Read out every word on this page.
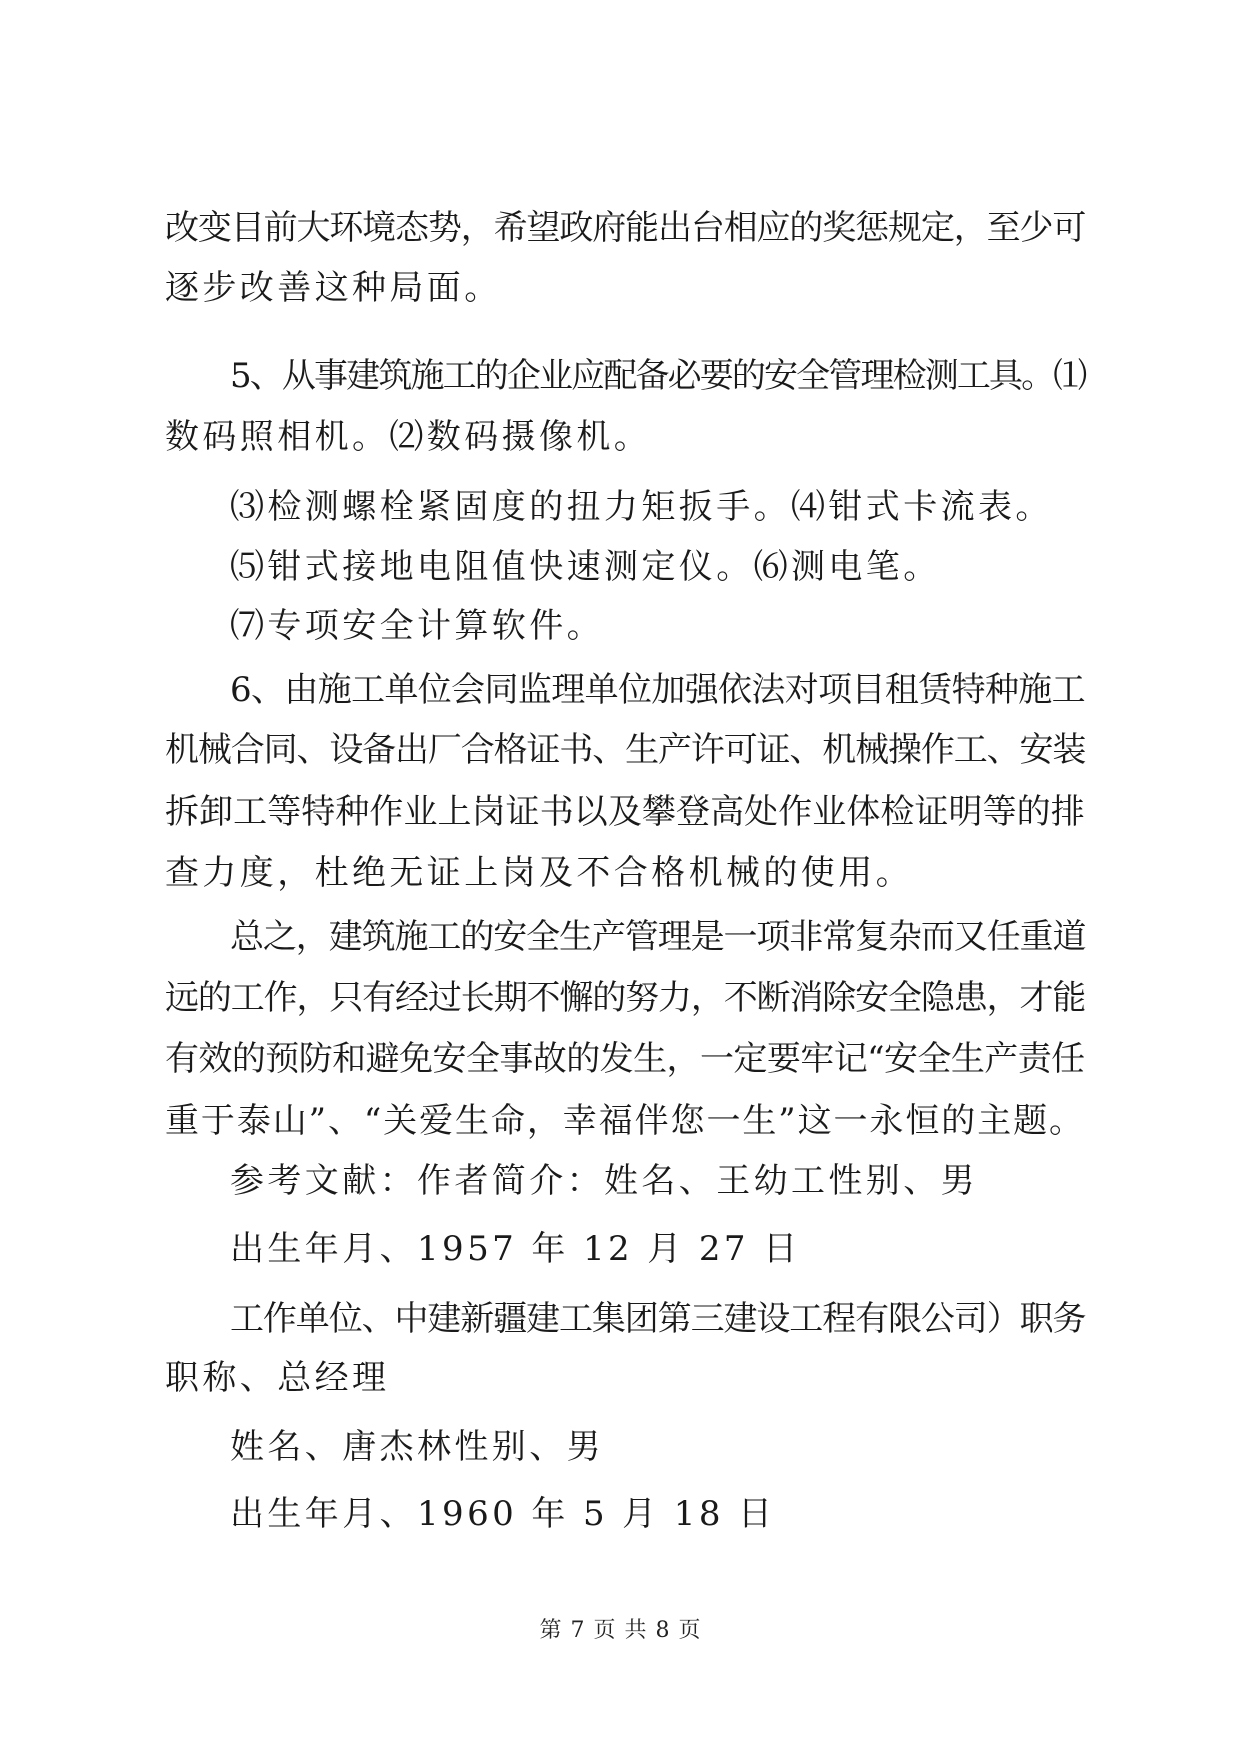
改变目前大环境态势，希望政府能出台相应的奖惩规定，至少可
逐步改善这种局面。
5、从事建筑施工的企业应配备必要的安全管理检测工具。⑴
数码照相机。⑵数码摄像机。
⑶检测螺栓紧固度的扭力矩扳手。⑷钳式卡流表。
⑸钳式接地电阻值快速测定仪。⑹测电笔。
⑺专项安全计算软件。
6、由施工单位会同监理单位加强依法对项目租赁特种施工
机械合同、设备出厂合格证书、生产许可证、机械操作工、安装
拆卸工等特种作业上岗证书以及攀登高处作业体检证明等的排
查力度，杜绝无证上岗及不合格机械的使用。
总之，建筑施工的安全生产管理是一项非常复杂而又任重道
远的工作，只有经过长期不懈的努力，不断消除安全隐患，才能
有效的预防和避免安全事故的发生，一定要牢记“安全生产责任
重于泰山”、“关爱生命，幸福伴您一生”这一永恒的主题。
参考文献：作者简介：姓名、王幼工性别、男
出生年月、1957 年 12 月 27 日
工作单位、中建新疆建工集团第三建设工程有限公司）职务
职称、总经理
姓名、唐杰林性别、男
出生年月、1960 年 5 月 18 日
第 7 页 共 8 页
